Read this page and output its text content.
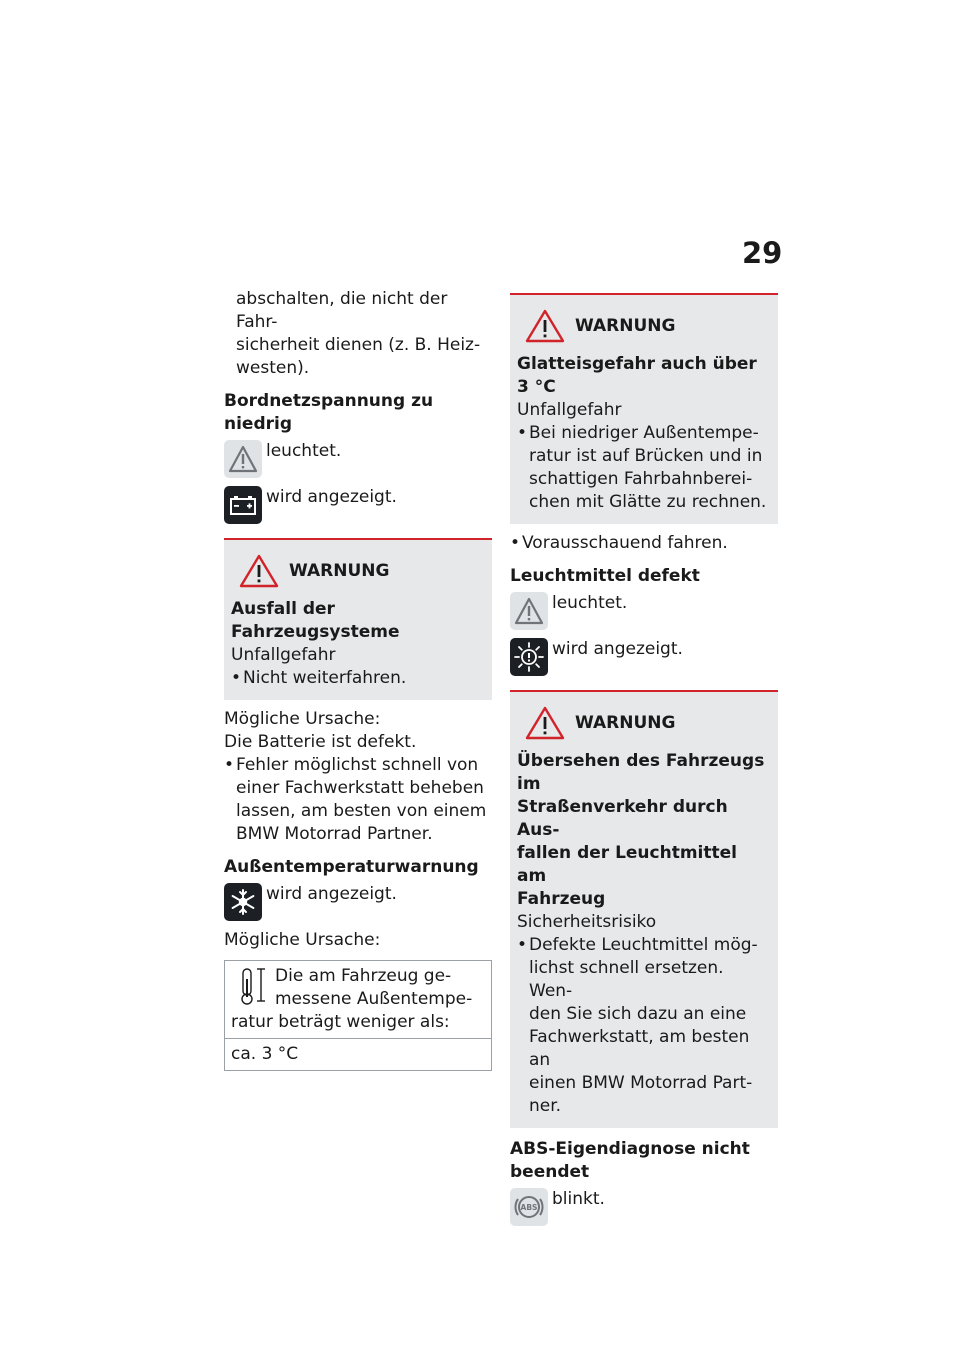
29

abschalten, die nicht der Fahr-

sicherheit dienen (z. B. Heiz-

westen).

Bordnetzspannung zu niedrig

leuchtet.
wird angezeigt.
WARNUNG

Ausfall der Fahrzeugsysteme

Unfallgefahr

• Nicht weiterfahren.

Mögliche Ursache:

Die Batterie ist defekt.

• Fehler möglichst schnell von

einer Fachwerkstatt beheben

lassen, am besten von einem

BMW Motorrad Partner.

Außentemperaturwarnung

wird angezeigt.

Mögliche Ursache:

Die am Fahrzeug ge-

messene Außentempe-

ratur beträgt weniger als:

ca. 3 °C
WARNUNG

Glatteisgefahr auch über

3 °C

Unfallgefahr

• Bei niedriger Außentempe-

ratur ist auf Brücken und in

schattigen Fahrbahnberei-

chen mit Glätte zu rechnen.

• Vorausschauend fahren.

Leuchtmittel defekt

leuchtet.
wird angezeigt.
WARNUNG

Übersehen des Fahrzeugs im

Straßenverkehr durch Aus-

fallen der Leuchtmittel am

Fahrzeug

Sicherheitsrisiko

• Defekte Leuchtmittel mög-

lichst schnell ersetzen. Wen-

den Sie sich dazu an eine

Fachwerkstatt, am besten an

einen BMW Motorrad Part-

ner.

ABS-Eigendiagnose nicht

beendet

ABS blinkt.
